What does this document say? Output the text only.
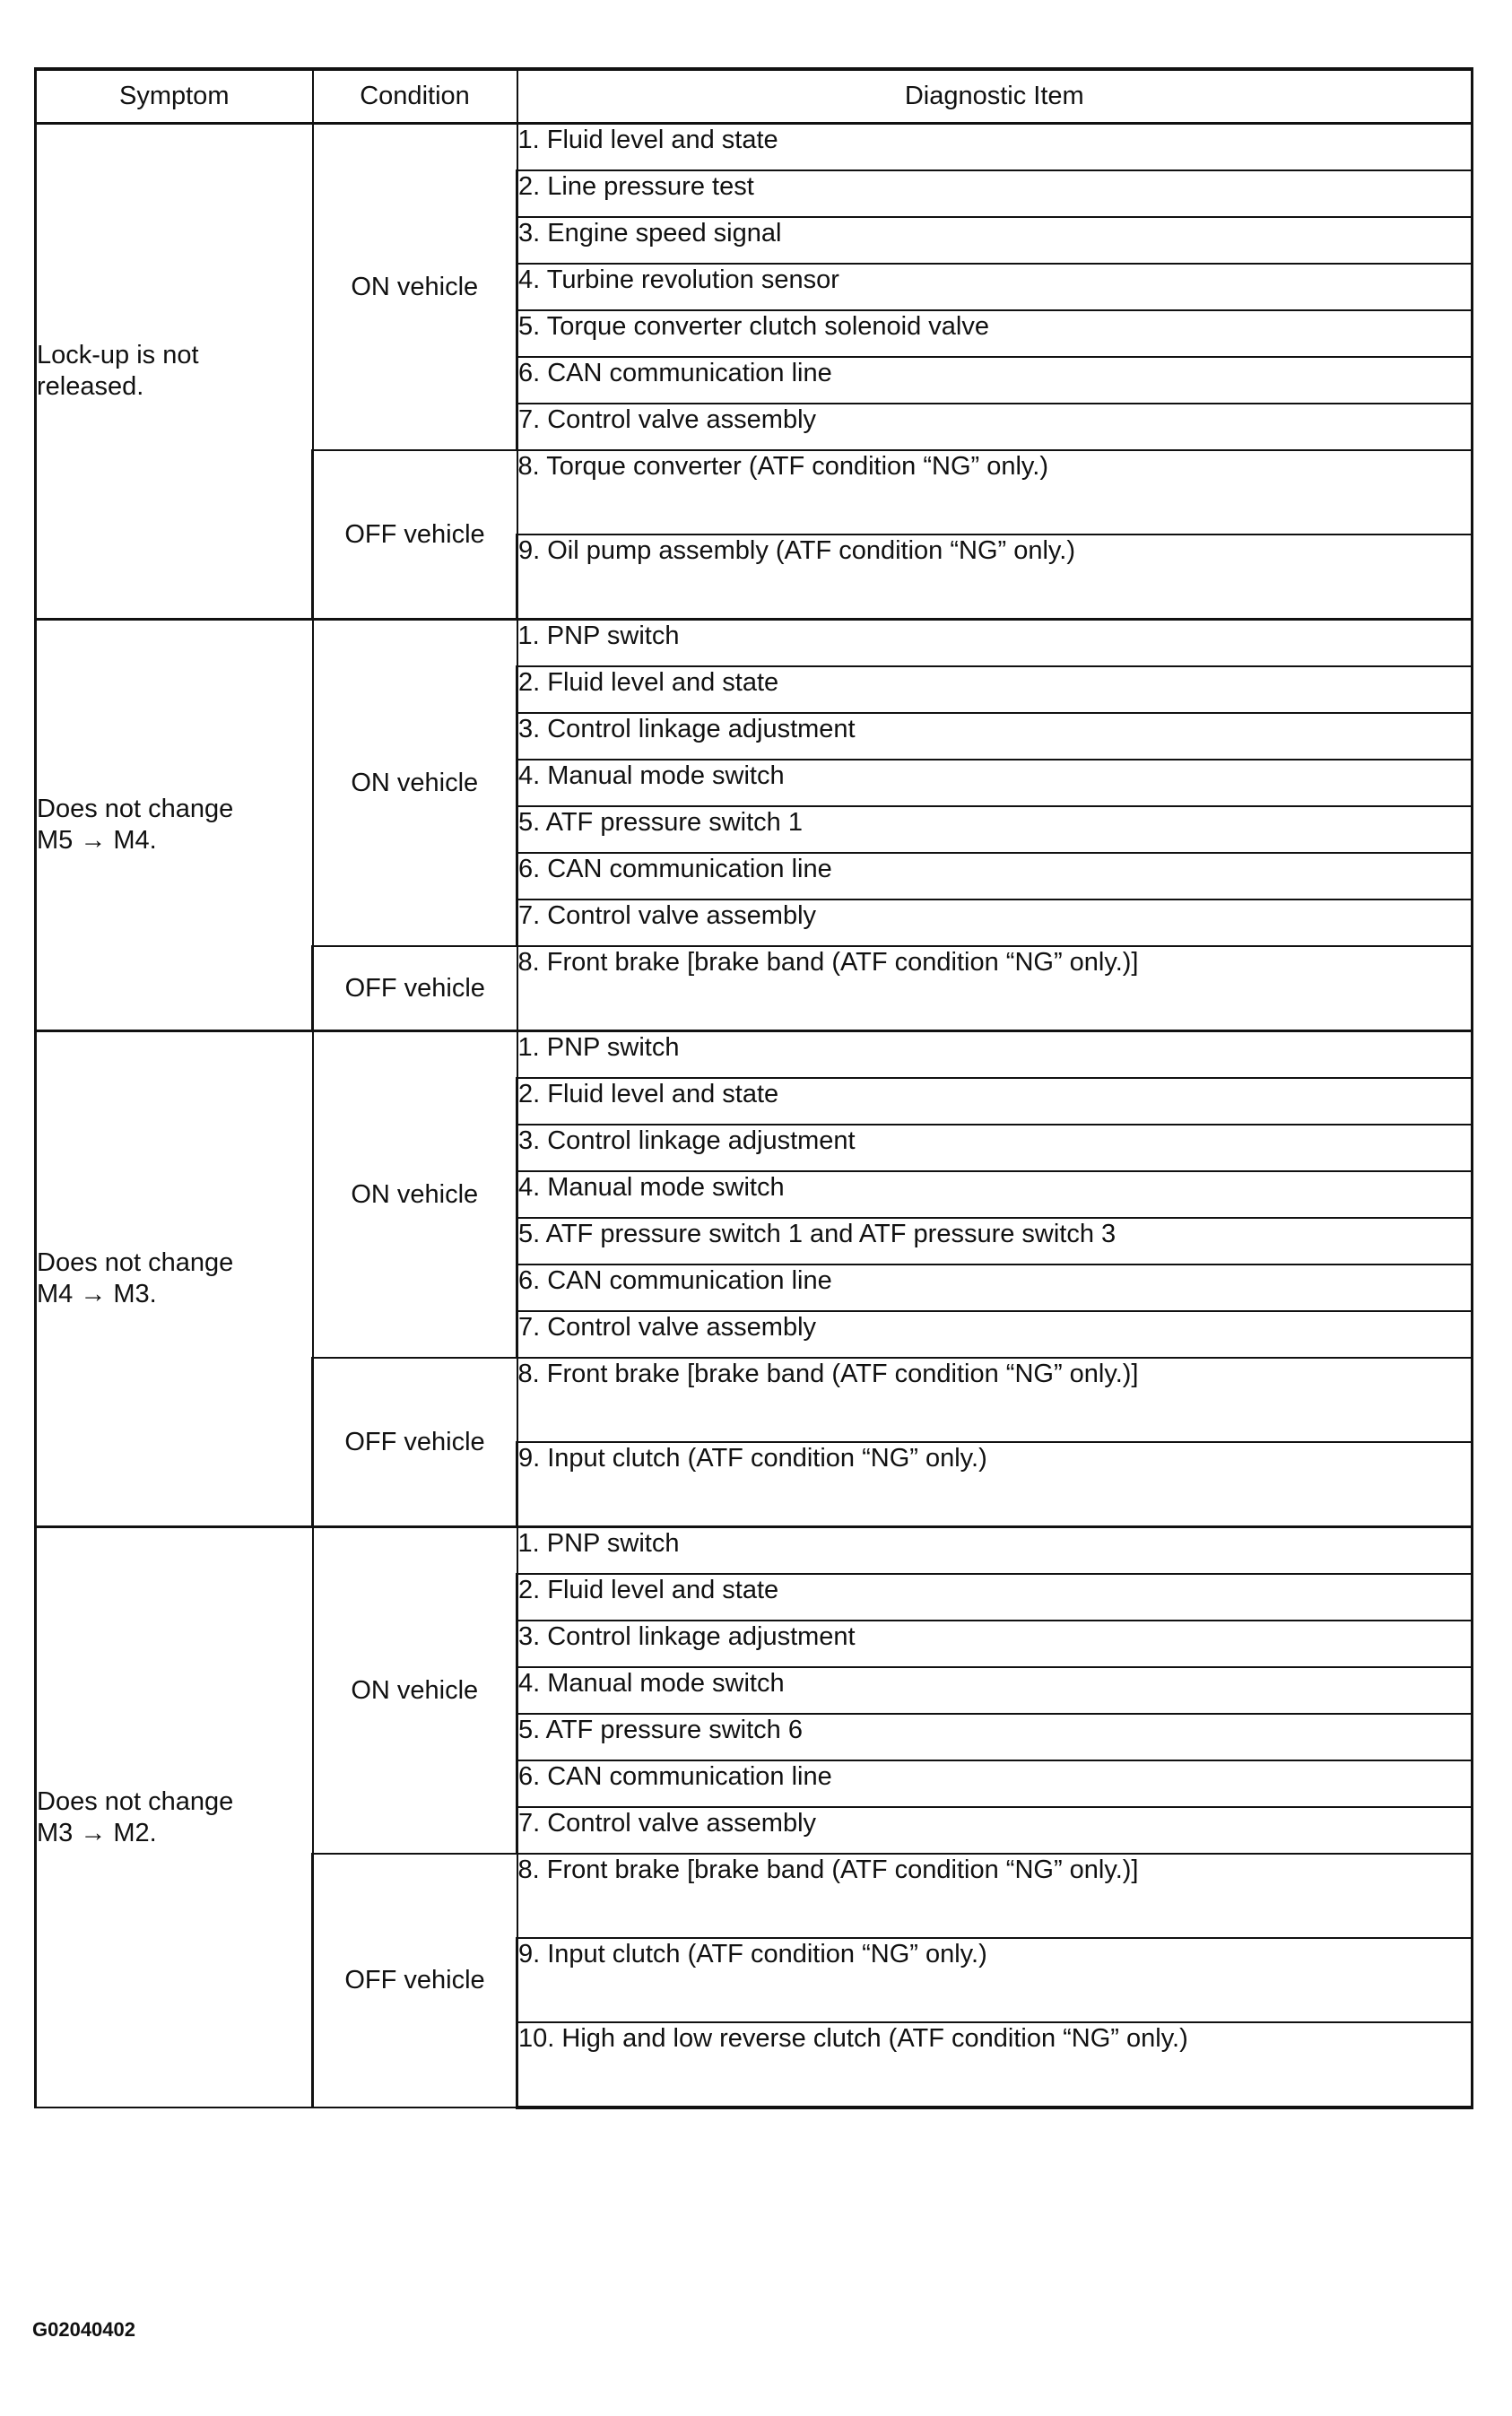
Symptom	Condition	Diagnostic Item

Lock-up is not
released.	ON vehicle	1. Fluid level and state
		2. Line pressure test
		3. Engine speed signal
		4. Turbine revolution sensor
		5. Torque converter clutch solenoid valve
		6. CAN communication line
		7. Control valve assembly
	OFF vehicle	8. Torque converter (ATF condition “NG” only.)
		9. Oil pump assembly (ATF condition “NG” only.)

Does not change
M5 → M4.	ON vehicle	1. PNP switch
		2. Fluid level and state
		3. Control linkage adjustment
		4. Manual mode switch
		5. ATF pressure switch 1
		6. CAN communication line
		7. Control valve assembly
	OFF vehicle	8. Front brake [brake band (ATF condition “NG” only.)]

Does not change
M4 → M3.	ON vehicle	1. PNP switch
		2. Fluid level and state
		3. Control linkage adjustment
		4. Manual mode switch
		5. ATF pressure switch 1 and ATF pressure switch 3
		6. CAN communication line
		7. Control valve assembly
	OFF vehicle	8. Front brake [brake band (ATF condition “NG” only.)]
		9. Input clutch (ATF condition “NG” only.)

Does not change
M3 → M2.	ON vehicle	1. PNP switch
		2. Fluid level and state
		3. Control linkage adjustment
		4. Manual mode switch
		5. ATF pressure switch 6
		6. CAN communication line
		7. Control valve assembly
	OFF vehicle	8. Front brake [brake band (ATF condition “NG” only.)]
		9. Input clutch (ATF condition “NG” only.)
		10. High and low reverse clutch (ATF condition “NG” only.)
G02040402
